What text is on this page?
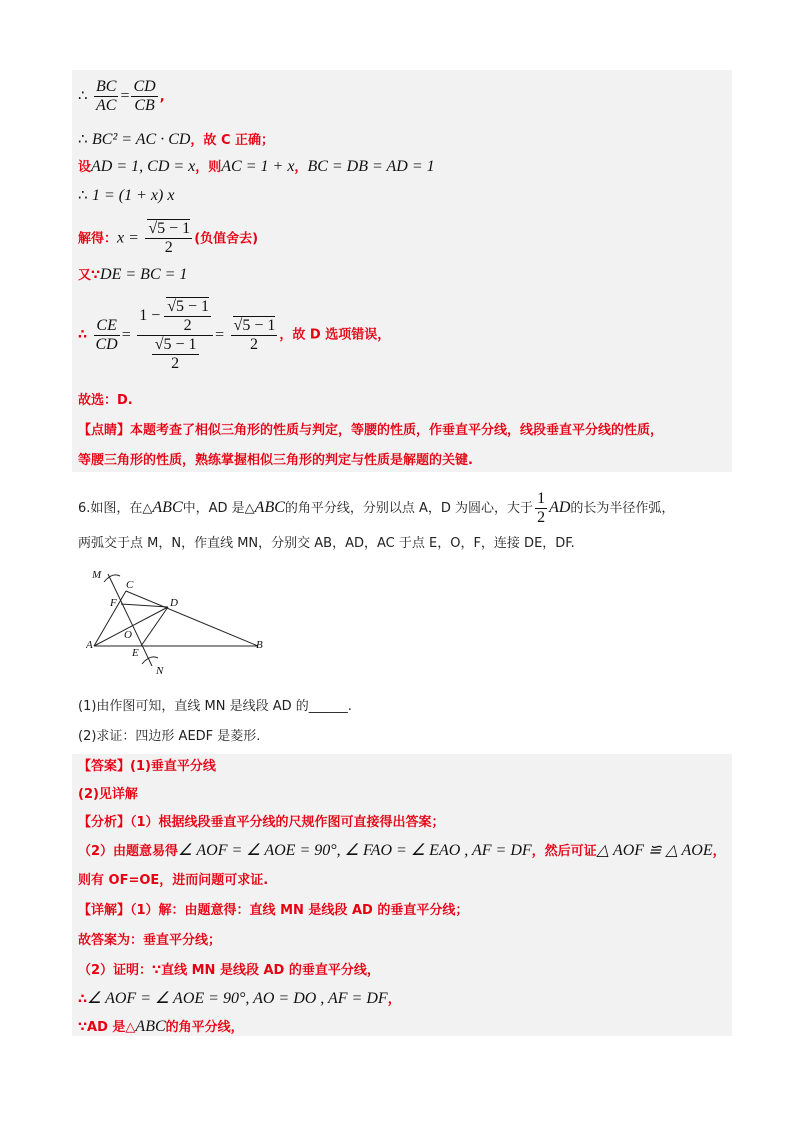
∴ $\frac{BC}{AC} = \frac{CD}{CB}$ ,
∴ BC² = AC · CD，故 C 正确；
设AD = 1, CD = x，则AC = 1 + x，BC = DB = AD = 1
∴ 1 = (1 + x) x
解得：$x = \frac{√5 - 1}{2}$ (负值舍去)
又∵DE = BC = 1
∴ $\frac{CE}{CD} = \frac{1 - \frac{√5 - 1}{2}}{\frac{√5 - 1}{2}} = \frac{√5 - 1}{2}$ ，故 D 选项错误，
故选：D.
【点睛】本题考查了相似三角形的性质与判定，等腰的性质，作垂直平分线，线段垂直平分线的性质，
等腰三角形的性质，熟练掌握相似三角形的判定与性质是解题的关键.
6.如图，在△ABC中，AD 是△ABC的角平分线，分别以点 A，D 为圆心，大于 $\frac{1}{2}$ AD的长为半径作弧，
两弧交于点 M，N，作直线 MN，分别交 AB，AD，AC 于点 E，O，F，连接 DE，DF.
M
C
F	D
O
A
E
N
B
(1)由作图可知，直线 MN 是线段 AD 的______.
(2)求证：四边形 AEDF 是菱形.
【答案】(1)垂直平分线
(2)见详解
【分析】（1）根据线段垂直平分线的尺规作图可直接得出答案；
（2）由题意易得∠ AOF = ∠ AOE = 90°, ∠ FAO = ∠ EAO , AF = DF，然后可证△ AOF ≌ △ AOE，
则有 OF=OE，进而问题可求证.
【详解】（1）解：由题意得：直线 MN 是线段 AD 的垂直平分线；
故答案为：垂直平分线；
（2）证明：∵直线 MN 是线段 AD 的垂直平分线，
∴∠ AOF = ∠ AOE = 90°, AO = DO , AF = DF，
∵AD 是△ABC的角平分线，
